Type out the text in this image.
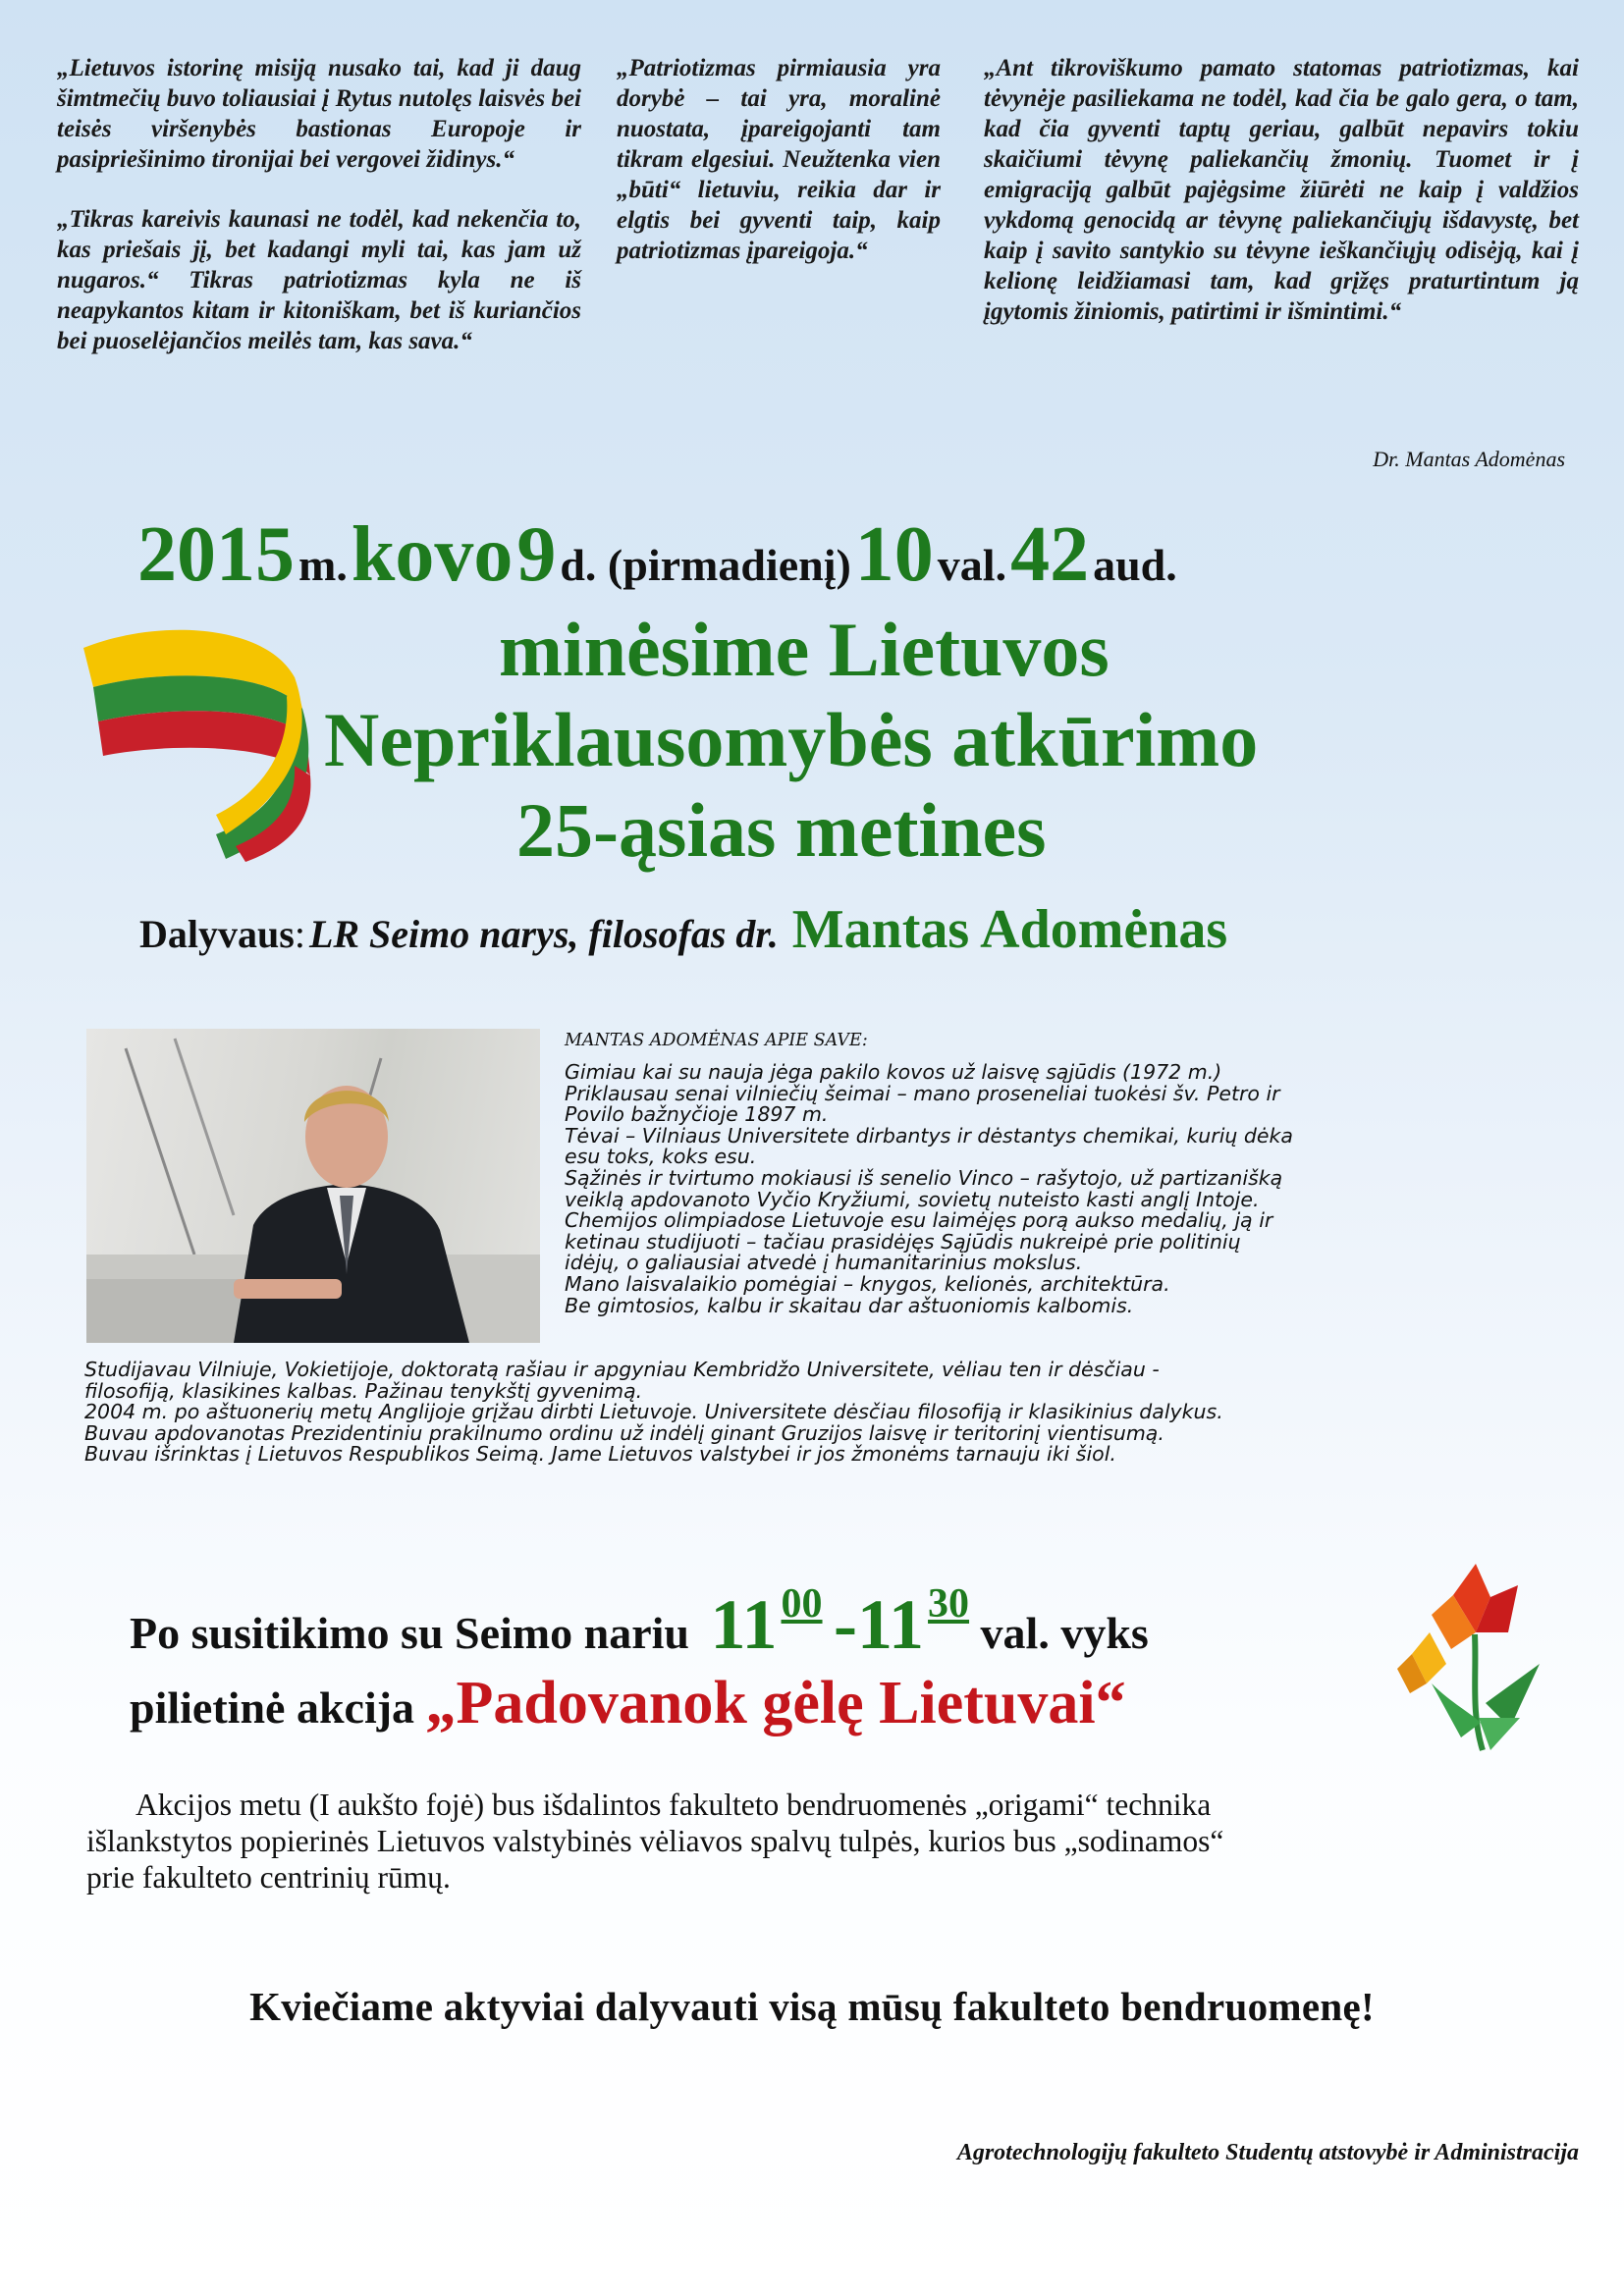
„Lietuvos istorinę misiją nusako tai, kad ji daug šimtmečių buvo toliausiai į Rytus nutolęs laisvės bei teisės viršenybės bastionas Europoje ir pasipriešinimo tironijai bei vergovei židinys.“

„Tikras kareivis kaunasi ne todėl, kad nekenčia to, kas priešais jį, bet kadangi myli tai, kas jam už nugaros.“ Tikras patriotizmas kyla ne iš neapykantos kitam ir kitoniškam, bet iš kuriančios bei puoselėjančios meilės tam, kas sava.“

„Patriotizmas pirmiausia yra dorybė – tai yra, moralinė nuostata, įpareigojanti tam tikram elgesiui. Neužtenka vien „būti“ lietuviu, reikia dar ir elgtis bei gyventi taip, kaip patriotizmas įpareigoja.“

„Ant tikroviškumo pamato statomas patriotizmas, kai tėvynėje pasiliekama ne todėl, kad čia be galo gera, o tam, kad čia gyventi taptų geriau, galbūt nepavirs tokiu skaičiumi tėvynę paliekančių žmonių. Tuomet ir į emigraciją galbūt pajėgsime žiūrėti ne kaip į valdžios vykdomą genocidą ar tėvynę paliekančiųjų išdavystę, bet kaip į savito santykio su tėvyne ieškančiųjų odisėją, kai į kelionę leidžiamasi tam, kad grįžęs praturtintum ją įgytomis žiniomis, patirtimi ir išmintimi.“

Dr. Mantas Adomėnas
2015 m. kovo 9 d. (pirmadienį) 10 val. 42 aud.
minėsime Lietuvos
Nepriklausomybės atkūrimo
25-ąsias metines
Dalyvaus: LR Seimo narys, filosofas dr. Mantas Adomėnas
MANTAS ADOMĖNAS APIE SAVE:
Gimiau kai su nauja jėga pakilo kovos už laisvę sąjūdis (1972 m.)
Priklausau senai vilniečių šeimai – mano proseneliai tuokėsi šv. Petro ir
Povilo bažnyčioje 1897 m.
Tėvai – Vilniaus Universitete dirbantys ir dėstantys chemikai, kurių dėka
esu toks, koks esu.
Sąžinės ir tvirtumo mokiausi iš senelio Vinco – rašytojo, už partizanišką
veiklą apdovanoto Vyčio Kryžiumi, sovietų nuteisto kasti anglį Intoje.
Chemijos olimpiadose Lietuvoje esu laimėjęs porą aukso medalių, ją ir
ketinau studijuoti – tačiau prasidėjęs Sąjūdis nukreipė prie politinių
idėjų, o galiausiai atvedė į humanitarinius mokslus.
Mano laisvalaikio pomėgiai – knygos, kelionės, architektūra.
Be gimtosios, kalbu ir skaitau dar aštuoniomis kalbomis.
Studijavau Vilniuje, Vokietijoje, doktoratą rašiau ir apgyniau Kembridžo Universitete, vėliau ten ir dėsčiau -
filosofiją, klasikines kalbas. Pažinau tenykštį gyvenimą.
2004 m. po aštuonerių metų Anglijoje grįžau dirbti Lietuvoje. Universitete dėsčiau filosofiją ir klasikinius dalykus.
Buvau apdovanotas Prezidentiniu prakilnumo ordinu už indėlį ginant Gruzijos laisvę ir teritorinį vientisumą.
Buvau išrinktas į Lietuvos Respublikos Seimą. Jame Lietuvos valstybei ir jos žmonėms tarnauju iki šiol.
Po susitikimo su Seimo nariu 1100 -1130 val. vyks
pilietinė akcija „Padovanok gėlę Lietuvai“
Akcijos metu (I aukšto fojė) bus išdalintos fakulteto bendruomenės „origami“ technika
išlankstytos popierinės Lietuvos valstybinės vėliavos spalvų tulpės, kurios bus „sodinamos“
prie fakulteto centrinių rūmų.
Kviečiame aktyviai dalyvauti visą mūsų fakulteto bendruomenę!
Agrotechnologijų fakulteto Studentų atstovybė ir Administracija
